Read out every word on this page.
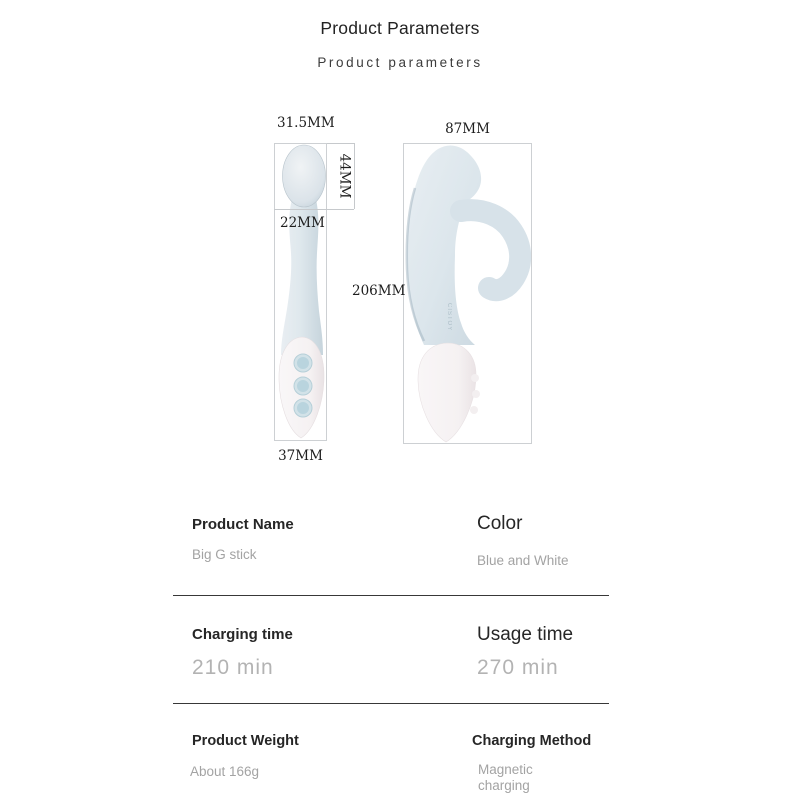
Product Parameters
Product parameters
CISTOY
31.5MM
44MM
22MM
37MM
87MM
206MM
Product Name
Big G stick
Color
Blue and White
Charging time
210 min
Usage time
270 min
Product Weight
About 166g
Charging Method
Magnetic charging
